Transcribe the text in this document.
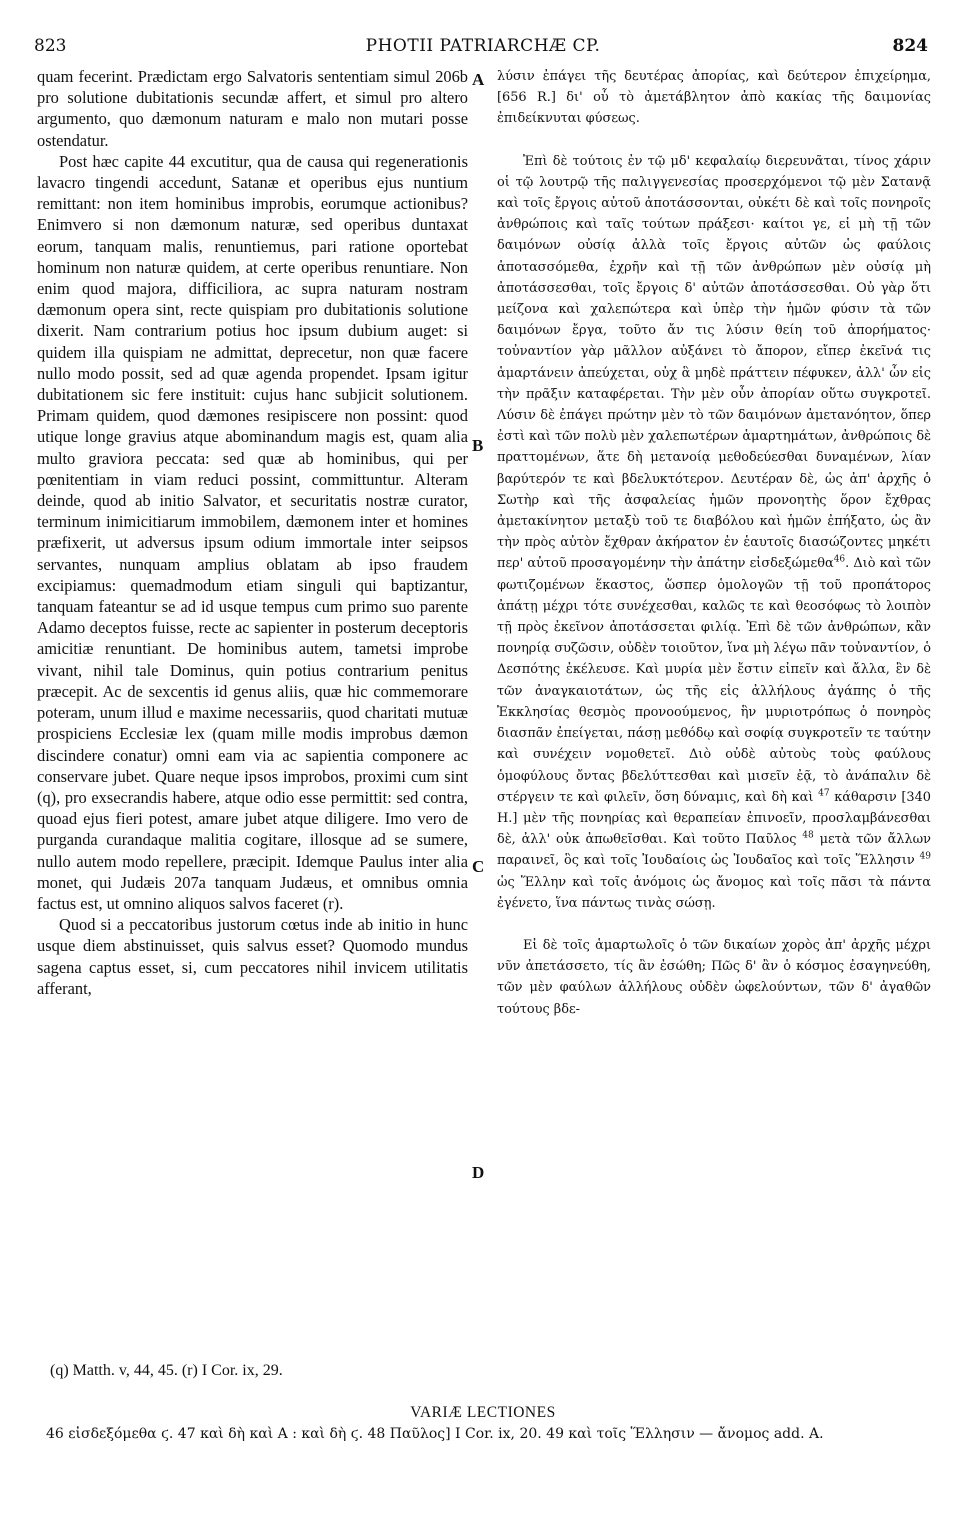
823	PHOTII PATRIARCHÆ CP.	824

quam fecerint. Prædictam ergo Salvatoris sententiam simul 206b pro solutione dubitationis secundæ affert, et simul pro altero argumento, quo dæmonum naturam e malo non mutari posse ostendatur.

Post hæc capite 44 excutitur, qua de causa qui regenerationis lavacro tingendi accedunt, Satanæ et operibus ejus nuntium remittant: non item hominibus improbis, eorumque actionibus? Enimvero si non dæmonum naturæ, sed operibus duntaxat eorum, tanquam malis, renuntiemus, pari ratione oportebat hominum non naturæ quidem, at certe operibus renuntiare. Non enim quod majora, difficiliora, ac supra naturam nostram dæmonum opera sint, recte quispiam pro dubitationis solutione dixerit. Nam contrarium potius hoc ipsum dubium auget: si quidem illa quispiam ne admittat, deprecetur, non quæ facere nullo modo possit, sed ad quæ agenda propendet. Ipsam igitur dubitationem sic fere instituit: cujus hanc subjicit solutionem. Primam quidem, quod dæmones resipiscere non possint: quod utique longe gravius atque abominandum magis est, quam alia multo graviora peccata: sed quæ ab hominibus, qui per pœnitentiam in viam reduci possint, committuntur. Alteram deinde, quod ab initio Salvator, et securitatis nostræ curator, terminum inimicitiarum immobilem, dæmonem inter et homines præfixerit, ut adversus ipsum odium immortale inter seipsos servantes, nunquam amplius oblatam ab ipso fraudem excipiamus: quemadmodum etiam singuli qui baptizantur, tanquam fateantur se ad id usque tempus cum primo suo parente Adamo deceptos fuisse, recte ac sapienter in posterum deceptoris amicitiæ renuntiant. De hominibus autem, tametsi improbe vivant, nihil tale Dominus, quin potius contrarium penitus præcepit. Ac de sexcentis id genus aliis, quæ hic commemorare poteram, unum illud e maxime necessariis, quod charitati mutuæ prospiciens Ecclesiæ lex (quam mille modis improbus dæmon discindere conatur) omni eam via ac sapientia componere ac conservare jubet. Quare neque ipsos improbos, proximi cum sint (q), pro exsecrandis habere, atque odio esse permittit: sed contra, quoad ejus fieri potest, amare jubet atque diligere. Imo vero de purganda curandaque malitia cogitare, illosque ad se sumere, nullo autem modo repellere, præcipit. Idemque Paulus inter alia monet, qui Judæis 207a tanquam Judæus, et omnibus omnia factus est, ut omnino aliquos salvos faceret (r).

Quod si a peccatoribus justorum cœtus inde ab initio in hunc usque diem abstinuisset, quis salvus esset? Quomodo mundus sagena captus esset, si, cum peccatores nihil invicem utilitatis afferant,

A
B
C
D

λύσιν ἐπάγει τῆς δευτέρας ἀπορίας, καὶ δεύτερον ἐπιχείρημα, [656 R.] δι' οὗ τὸ ἀμετάβλητον ἀπὸ κακίας τῆς δαιμονίας ἐπιδείκνυται φύσεως.

Ἐπὶ δὲ τούτοις ἐν τῷ μδ' κεφαλαίῳ διερευνᾶται, τίνος χάριν οἱ τῷ λουτρῷ τῆς παλιγγενεσίας προσερχόμενοι τῷ μὲν Σατανᾷ καὶ τοῖς ἔργοις αὐτοῦ ἀποτάσσονται, οὐκέτι δὲ καὶ τοῖς πονηροῖς ἀνθρώποις καὶ ταῖς τούτων πράξεσι· καίτοι γε, εἰ μὴ τῇ τῶν δαιμόνων οὐσίᾳ ἀλλὰ τοῖς ἔργοις αὐτῶν ὡς φαύλοις ἀποτασσόμεθα, ἐχρῆν καὶ τῇ τῶν ἀνθρώπων μὲν οὐσίᾳ μὴ ἀποτάσσεσθαι, τοῖς ἔργοις δ' αὐτῶν ἀποτάσσεσθαι. Οὐ γὰρ ὅτι μείζονα καὶ χαλεπώτερα καὶ ὑπὲρ τὴν ἡμῶν φύσιν τὰ τῶν δαιμόνων ἔργα, τοῦτο ἄν τις λύσιν θείη τοῦ ἀπορήματος· τοὐναντίον γὰρ μᾶλλον αὐξάνει τὸ ἄπορον, εἴπερ ἐκεῖνά τις ἁμαρτάνειν ἀπεύχεται, οὐχ ἃ μηδὲ πράττειν πέφυκεν, ἀλλ' ὧν εἰς τὴν πρᾶξιν καταφέρεται. Τὴν μὲν οὖν ἀπορίαν οὕτω συγκροτεῖ. Λύσιν δὲ ἐπάγει πρώτην μὲν τὸ τῶν δαιμόνων ἀμετανόητον, ὅπερ ἐστὶ καὶ τῶν πολὺ μὲν χαλεπωτέρων ἁμαρτημάτων, ἀνθρώποις δὲ πραττομένων, ἅτε δὴ μετανοίᾳ μεθοδεύεσθαι δυναμένων, λίαν βαρύτερόν τε καὶ βδελυκτότερον. Δευτέραν δὲ, ὡς ἀπ' ἀρχῆς ὁ Σωτὴρ καὶ τῆς ἀσφαλείας ἡμῶν προνοητὴς ὅρον ἔχθρας ἀμετακίνητον μεταξὺ τοῦ τε διαβόλου καὶ ἡμῶν ἐπήξατο, ὡς ἂν τὴν πρὸς αὐτὸν ἔχθραν ἀκήρατον ἐν ἑαυτοῖς διασώζοντες μηκέτι περ' αὐτοῦ προσαγομένην τὴν ἀπάτην εἰσδεξώμεθα$^{46}$. Διὸ καὶ τῶν φωτιζομένων ἕκαστος, ὥσπερ ὁμολογῶν τῇ τοῦ προπάτορος ἀπάτῃ μέχρι τότε συνέχεσθαι, καλῶς τε καὶ θεοσόφως τὸ λοιπὸν τῇ πρὸς ἐκεῖνον ἀποτάσσεται φιλίᾳ. Ἐπὶ δὲ τῶν ἀνθρώπων, κἂν πονηρίᾳ συζῶσιν, οὐδὲν τοιοῦτον, ἵνα μὴ λέγω πᾶν τοὐναντίον, ὁ Δεσπότης ἐκέλευσε. Καὶ μυρία μὲν ἔστιν εἰπεῖν καὶ ἄλλα, ἓν δὲ τῶν ἀναγκαιοτάτων, ὡς τῆς εἰς ἀλλήλους ἀγάπης ὁ τῆς Ἐκκλησίας θεσμὸς προνοούμενος, ἣν μυριοτρόπως ὁ πονηρὸς διασπᾶν ἐπείγεται, πάσῃ μεθόδῳ καὶ σοφίᾳ συγκροτεῖν τε ταύτην καὶ συνέχειν νομοθετεῖ. Διὸ οὐδὲ αὐτοὺς τοὺς φαύλους ὁμοφύλους ὄντας βδελύττεσθαι καὶ μισεῖν ἐᾷ, τὸ ἀνάπαλιν δὲ στέργειν τε καὶ φιλεῖν, ὅση δύναμις, καὶ δὴ καὶ $^{47}$ κάθαρσιν [340 H.] μὲν τῆς πονηρίας καὶ θεραπείαν ἐπινοεῖν, προσλαμβάνεσθαι δὲ, ἀλλ' οὐκ ἀπωθεῖσθαι. Καὶ τοῦτο Παῦλος $^{48}$ μετὰ τῶν ἄλλων παραινεῖ, ὃς καὶ τοῖς Ἰουδαίοις ὡς Ἰουδαῖος καὶ τοῖς Ἕλλησιν $^{49}$ ὡς Ἕλλην καὶ τοῖς ἀνόμοις ὡς ἄνομος καὶ τοῖς πᾶσι τὰ πάντα ἐγένετο, ἵνα πάντως τινὰς σώσῃ.

Εἰ δὲ τοῖς ἁμαρτωλοῖς ὁ τῶν δικαίων χορὸς ἀπ' ἀρχῆς μέχρι νῦν ἀπετάσσετο, τίς ἂν ἐσώθη; Πῶς δ' ἂν ὁ κόσμος ἐσαγηνεύθη, τῶν μὲν φαύλων ἀλλήλους οὐδὲν ὠφελούντων, τῶν δ' ἀγαθῶν τούτους βδε-

(q) Matth. v, 44, 45. (r) I Cor. ix, 29.
VARIÆ LECTIONES
46 εἰσδεξόμεθα ϛ. 47 καὶ δὴ καὶ A : καὶ δὴ ϛ. 48 Παῦλος] I Cor. ix, 20. 49 καὶ τοῖς Ἕλλησιν — ἄνομος add. A.
